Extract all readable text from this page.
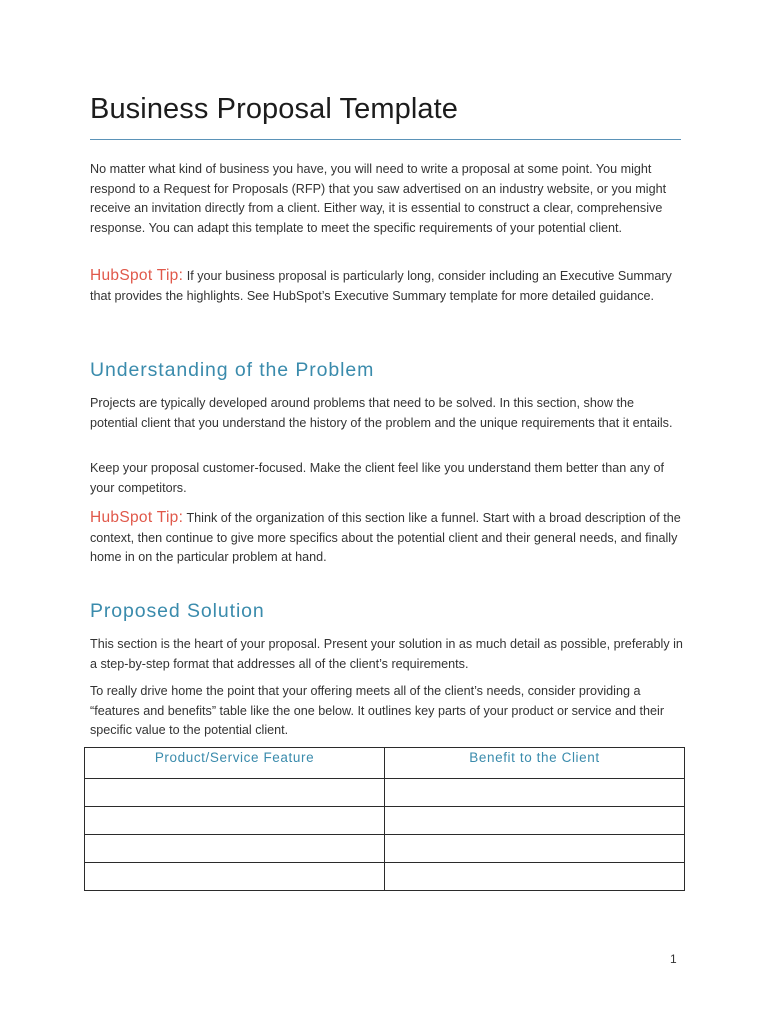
Business Proposal Template

No matter what kind of business you have, you will need to write a proposal at some point. You might respond to a Request for Proposals (RFP) that you saw advertised on an industry website, or you might receive an invitation directly from a client. Either way, it is essential to construct a clear, comprehensive response. You can adapt this template to meet the specific requirements of your potential client.

HubSpot Tip: If your business proposal is particularly long, consider including an Executive Summary that provides the highlights. See HubSpot’s Executive Summary template for more detailed guidance.

Understanding of the Problem

Projects are typically developed around problems that need to be solved. In this section, show the potential client that you understand the history of the problem and the unique requirements that it entails.

Keep your proposal customer-focused. Make the client feel like you understand them better than any of your competitors.

HubSpot Tip: Think of the organization of this section like a funnel. Start with a broad description of the context, then continue to give more specifics about the potential client and their general needs, and finally home in on the particular problem at hand.

Proposed Solution

This section is the heart of your proposal. Present your solution in as much detail as possible, preferably in a step-by-step format that addresses all of the client’s requirements.

To really drive home the point that your offering meets all of the client’s needs, consider providing a “features and benefits” table like the one below. It outlines key parts of your product or service and their specific value to the potential client.

Product/Service Feature	Benefit to the Client

1
